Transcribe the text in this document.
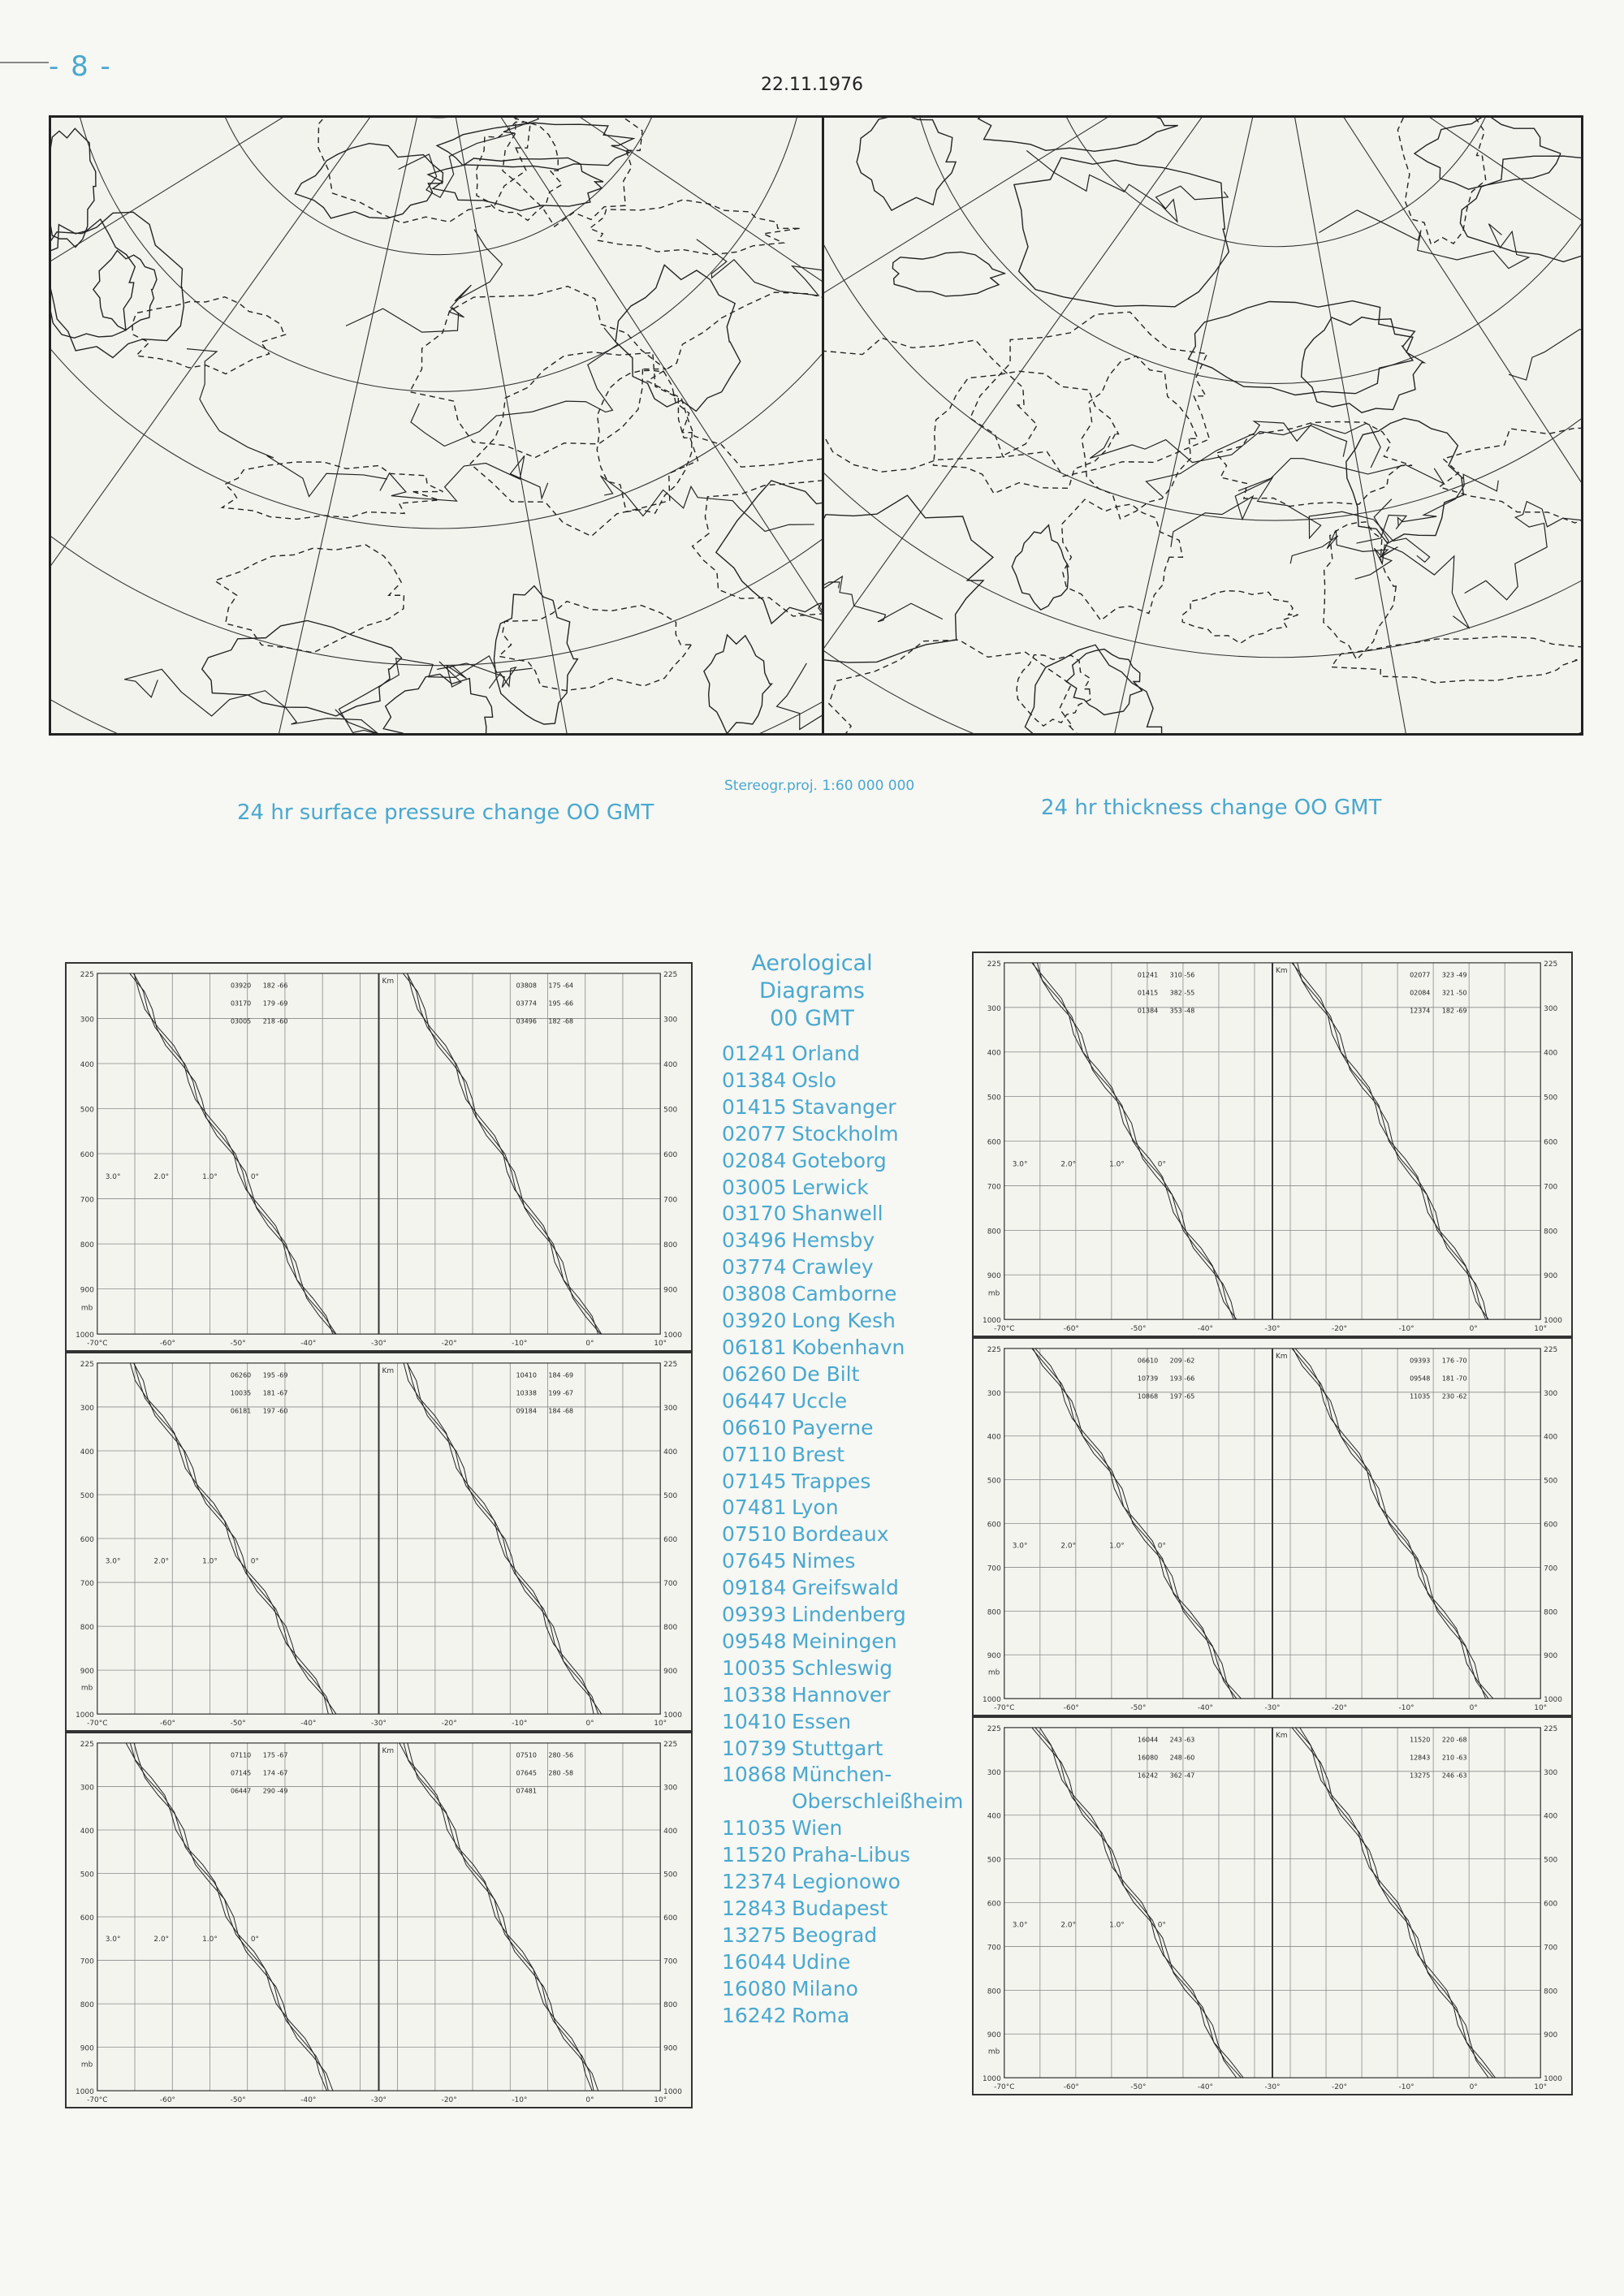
- 8 -
22.11.1976
24 hr surface pressure change OO GMT
Stereogr.proj. 1:60 000 000
24 hr thickness change OO GMT
225	225
300	300
400	400
500	500
600	600
700	700
800	800
900	900
1000	1000
-70°C	-60°	-50°	-40°	-30°	-20°	-10°	0°	10°
03920 182 -66
03170 179 -69
03005 218 -60
03808 175 -64
03774 195 -66
03496 182 -68
mb
Km
3.0°	2.0°	1.0°	0°
225	225
300	300
400	400
500	500
600	600
700	700
800	800
900	900
1000	1000
-70°C	-60°	-50°	-40°	-30°	-20°	-10°	0°	10°
06260 195 -69
10035 181 -67
06181 197 -60
10410 184 -69
10338 199 -67
09184 184 -68
mb
Km
3.0°	2.0°	1.0°	0°
225	225
300	300
400	400
500	500
600	600
700	700
800	800
900	900
1000	1000
-70°C	-60°	-50°	-40°	-30°	-20°	-10°	0°	10°
07110 175 -67
07145 174 -67
06447 290 -49
07510 280 -56
07645 280 -58
07481
mb
Km
3.0°	2.0°	1.0°	0°
225	225
300	300
400	400
500	500
600	600
700	700
800	800
900	900
1000	1000
-70°C	-60°	-50°	-40°	-30°	-20°	-10°	0°	10°
01241 310 -56
01415 382 -55
01384 353 -48
02077 323 -49
02084 321 -50
12374 182 -69
mb
Km
3.0°	2.0°	1.0°	0°
225	225
300	300
400	400
500	500
600	600
700	700
800	800
900	900
1000	1000
-70°C	-60°	-50°	-40°	-30°	-20°	-10°	0°	10°
06610 209 -62
10739 193 -66
10868 197 -65
09393 176 -70
09548 181 -70
11035 230 -62
mb
Km
3.0°	2.0°	1.0°	0°
225	225
300	300
400	400
500	500
600	600
700	700
800	800
900	900
1000	1000
-70°C	-60°	-50°	-40°	-30°	-20°	-10°	0°	10°
16044 243 -63
16080 248 -60
16242 362 -47
11520 220 -68
12843 210 -63
13275 246 -63
mb
Km
3.0°	2.0°	1.0°	0°
Aerological
Diagrams
00 GMT
01241 Orland
01384 Oslo
01415 Stavanger
02077 Stockholm
02084 Goteborg
03005 Lerwick
03170 Shanwell
03496 Hemsby
03774 Crawley
03808 Camborne
03920 Long Kesh
06181 Kobenhavn
06260 De Bilt
06447 Uccle
06610 Payerne
07110 Brest
07145 Trappes
07481 Lyon
07510 Bordeaux
07645 Nimes
09184 Greifswald
09393 Lindenberg
09548 Meiningen
10035 Schleswig
10338 Hannover
10410 Essen
10739 Stuttgart
10868 München-
Oberschleißheim
11035 Wien
11520 Praha-Libus
12374 Legionowo
12843 Budapest
13275 Beograd
16044 Udine
16080 Milano
16242 Roma
